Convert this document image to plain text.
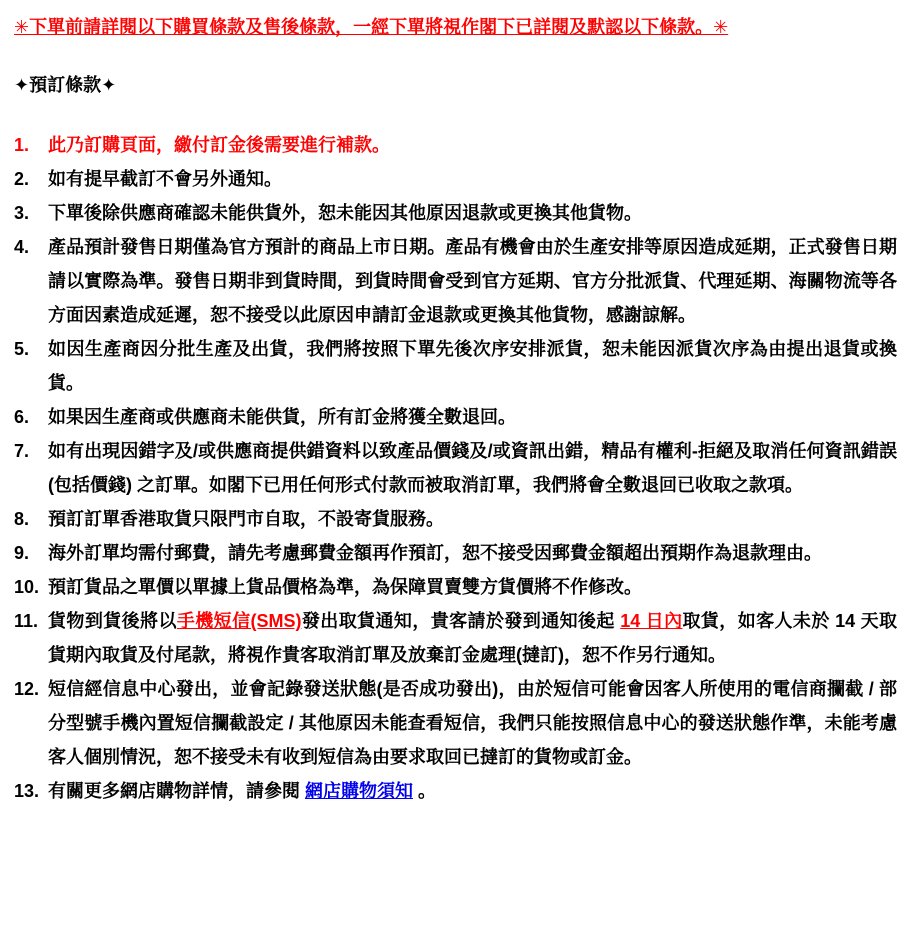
✳下單前請詳閱以下購買條款及售後條款，一經下單將視作閣下已詳閱及默認以下條款。✳
✦預訂條款✦
1.	此乃訂購頁面，繳付訂金後需要進行補款。
2.	如有提早截訂不會另外通知。
3.	下單後除供應商確認未能供貨外，恕未能因其他原因退款或更換其他貨物。
4.	產品預計發售日期僅為官方預計的商品上市日期。產品有機會由於生產安排等原因造成延期，正式發售日期請以實際為準。發售日期非到貨時間，到貨時間會受到官方延期、官方分批派貨、代理延期、海關物流等各方面因素造成延遲，恕不接受以此原因申請訂金退款或更換其他貨物，感謝諒解。
5.	如因生產商因分批生產及出貨，我們將按照下單先後次序安排派貨，恕未能因派貨次序為由提出退貨或換貨。
6.	如果因生產商或供應商未能供貨，所有訂金將獲全數退回。
7.	如有出現因錯字及/或供應商提供錯資料以致產品價錢及/或資訊出錯，精品有權利-拒絕及取消任何資訊錯誤(包括價錢) 之訂單。如閣下已用任何形式付款而被取消訂單，我們將會全數退回已收取之款項。
8.	預訂訂單香港取貨只限門市自取，不設寄貨服務。
9.	海外訂單均需付郵費，請先考慮郵費金額再作預訂，恕不接受因郵費金額超出預期作為退款理由。
10. 預訂貨品之單價以單據上貨品價格為準，為保障買賣雙方貨價將不作修改。
11. 貨物到貨後將以手機短信(SMS)發出取貨通知，貴客請於發到通知後起 14 日內取貨，如客人未於 14 天取貨期內取貨及付尾款，將視作貴客取消訂單及放棄訂金處理(撻訂)，恕不作另行通知。
12. 短信經信息中心發出，並會記錄發送狀態(是否成功發出)，由於短信可能會因客人所使用的電信商攔截 / 部分型號手機內置短信攔截設定 / 其他原因未能查看短信，我們只能按照信息中心的發送狀態作準，未能考慮客人個別情況，恕不接受未有收到短信為由要求取回已撻訂的貨物或訂金。
13. 有關更多網店購物詳情，請參閱 網店購物須知 。
